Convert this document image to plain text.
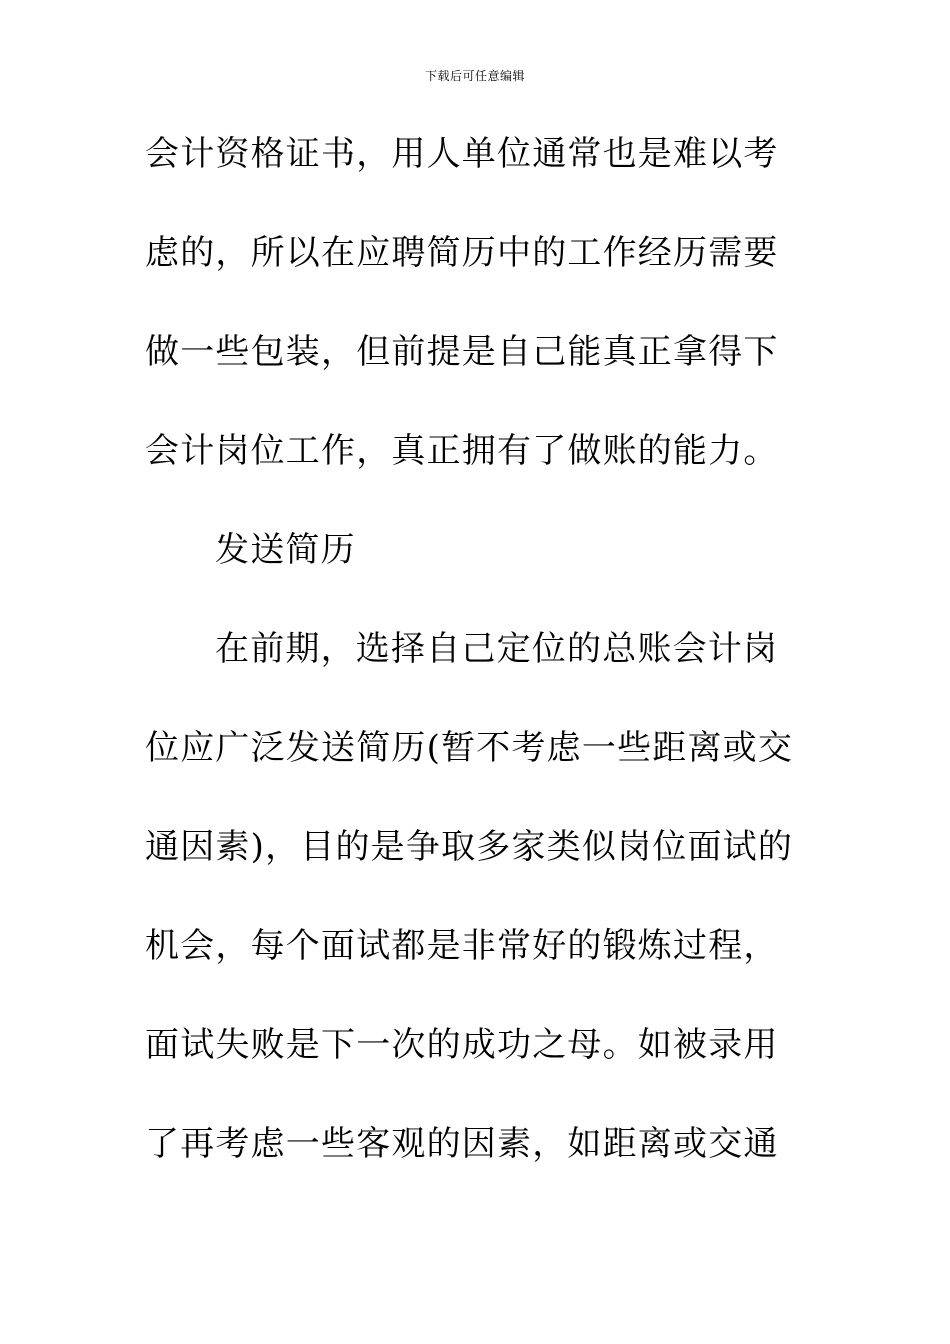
下载后可任意编辑
会计资格证书，用人单位通常也是难以考
虑的，所以在应聘简历中的工作经历需要
做一些包装，但前提是自己能真正拿得下
会计岗位工作，真正拥有了做账的能力。
发送简历
在前期，选择自己定位的总账会计岗
位应广泛发送简历(暂不考虑一些距离或交
通因素)，目的是争取多家类似岗位面试的
机会，每个面试都是非常好的锻炼过程，
面试失败是下一次的成功之母。如被录用
了再考虑一些客观的因素，如距离或交通
